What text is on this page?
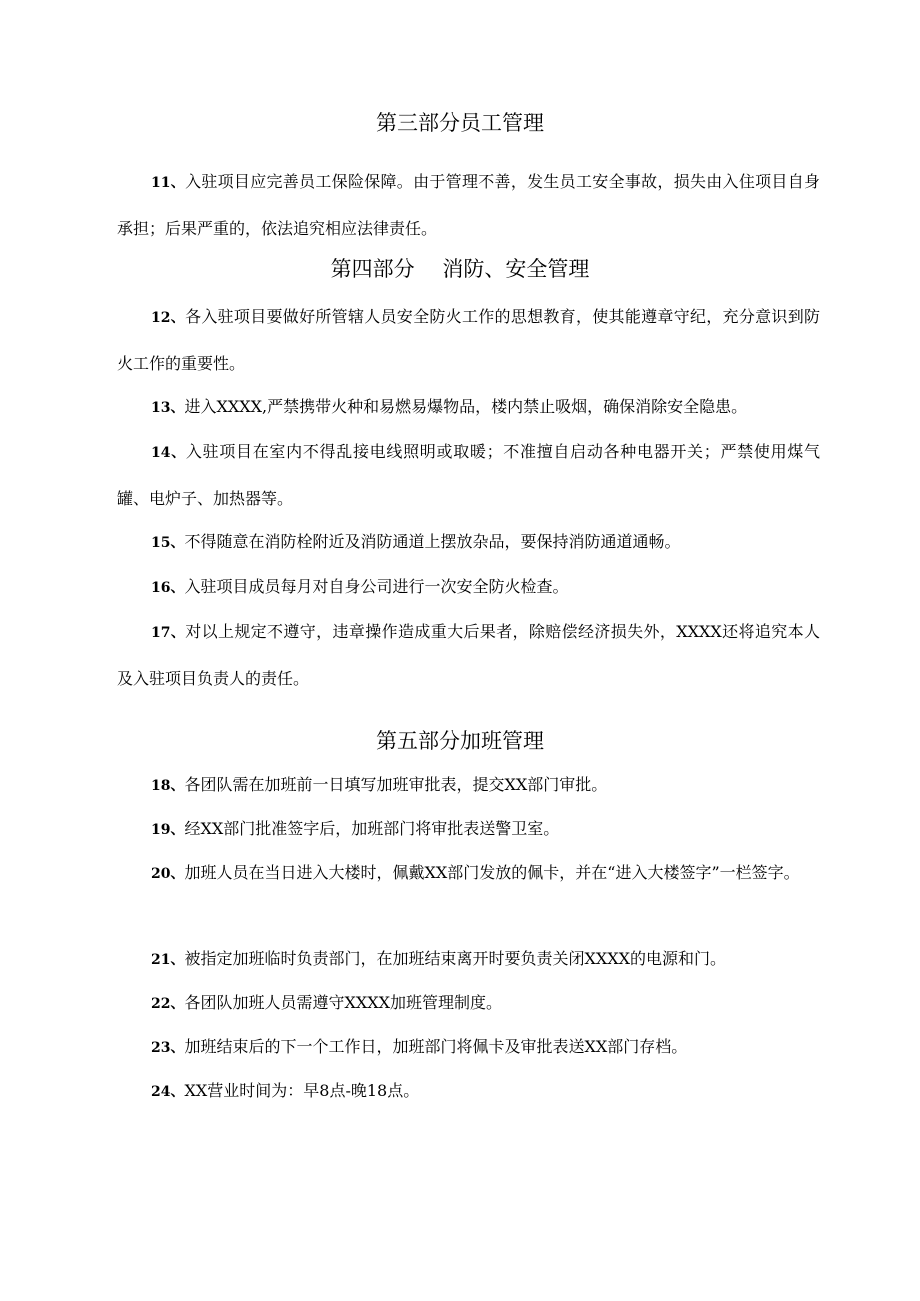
第三部分员工管理

11、入驻项目应完善员工保险保障。由于管理不善，发生员工安全事故，损失由入住项目自身承担；后果严重的，依法追究相应法律责任。

第四部分　 消防、安全管理

12、各入驻项目要做好所管辖人员安全防火工作的思想教育，使其能遵章守纪，充分意识到防火工作的重要性。

13、进入XXXX,严禁携带火种和易燃易爆物品，楼内禁止吸烟，确保消除安全隐患。

14、入驻项目在室内不得乱接电线照明或取暖；不准擅自启动各种电器开关；严禁使用煤气罐、电炉子、加热器等。

15、不得随意在消防栓附近及消防通道上摆放杂品，要保持消防通道通畅。

16、入驻项目成员每月对自身公司进行一次安全防火检查。

17、对以上规定不遵守，违章操作造成重大后果者，除赔偿经济损失外，XXXX还将追究本人及入驻项目负责人的责任。

第五部分加班管理

18、各团队需在加班前一日填写加班审批表，提交XX部门审批。

19、经XX部门批准签字后，加班部门将审批表送警卫室。

20、加班人员在当日进入大楼时，佩戴XX部门发放的佩卡，并在“进入大楼签字”一栏签字。

21、被指定加班临时负责部门，在加班结束离开时要负责关闭XXXX的电源和门。

22、各团队加班人员需遵守XXXX加班管理制度。

23、加班结束后的下一个工作日，加班部门将佩卡及审批表送XX部门存档。

24、XX营业时间为：早8点-晚18点。
